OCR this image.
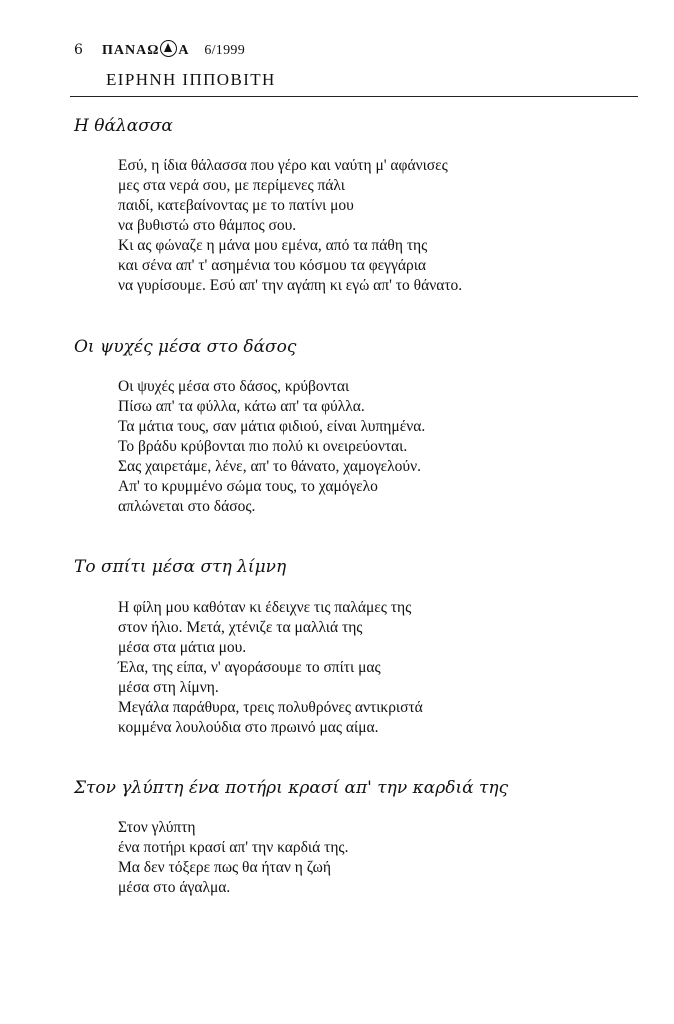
6 ΠΑΝΑΩ Α 6/1999
ΕΙΡΗΝΗ ΙΠΠΟΒΙΤΗ
Η θάλασσα
Εσύ, η ίδια θάλασσα που γέρο και ναύτη μ' αφάνισες
μες στα νερά σου, με περίμενες πάλι
παιδί, κατεβαίνοντας με το πατίνι μου
να βυθιστώ στο θάμπος σου.
Κι ας φώναζε η μάνα μου εμένα, από τα πάθη της
και σένα απ' τ' ασημένια του κόσμου τα φεγγάρια
να γυρίσουμε. Εσύ απ' την αγάπη κι εγώ απ' το θάνατο.
Οι ψυχές μέσα στο δάσος
Οι ψυχές μέσα στο δάσος, κρύβονται
Πίσω απ' τα φύλλα, κάτω απ' τα φύλλα.
Τα μάτια τους, σαν μάτια φιδιού, είναι λυπημένα.
Το βράδυ κρύβονται πιο πολύ κι ονειρεύονται.
Σας χαιρετάμε, λένε, απ' το θάνατο, χαμογελούν.
Απ' το κρυμμένο σώμα τους, το χαμόγελο
απλώνεται στο δάσος.
Το σπίτι μέσα στη λίμνη
Η φίλη μου καθόταν κι έδειχνε τις παλάμες της
στον ήλιο. Μετά, χτένιζε τα μαλλιά της
μέσα στα μάτια μου.
Έλα, της είπα, ν' αγοράσουμε το σπίτι μας
μέσα στη λίμνη.
Μεγάλα παράθυρα, τρεις πολυθρόνες αντικριστά
κομμένα λουλούδια στο πρωινό μας αίμα.
Στον γλύπτη ένα ποτήρι κρασί απ' την καρδιά της
Στον γλύπτη
ένα ποτήρι κρασί απ' την καρδιά της.
Μα δεν τόξερε πως θα ήταν η ζωή
μέσα στο άγαλμα.
